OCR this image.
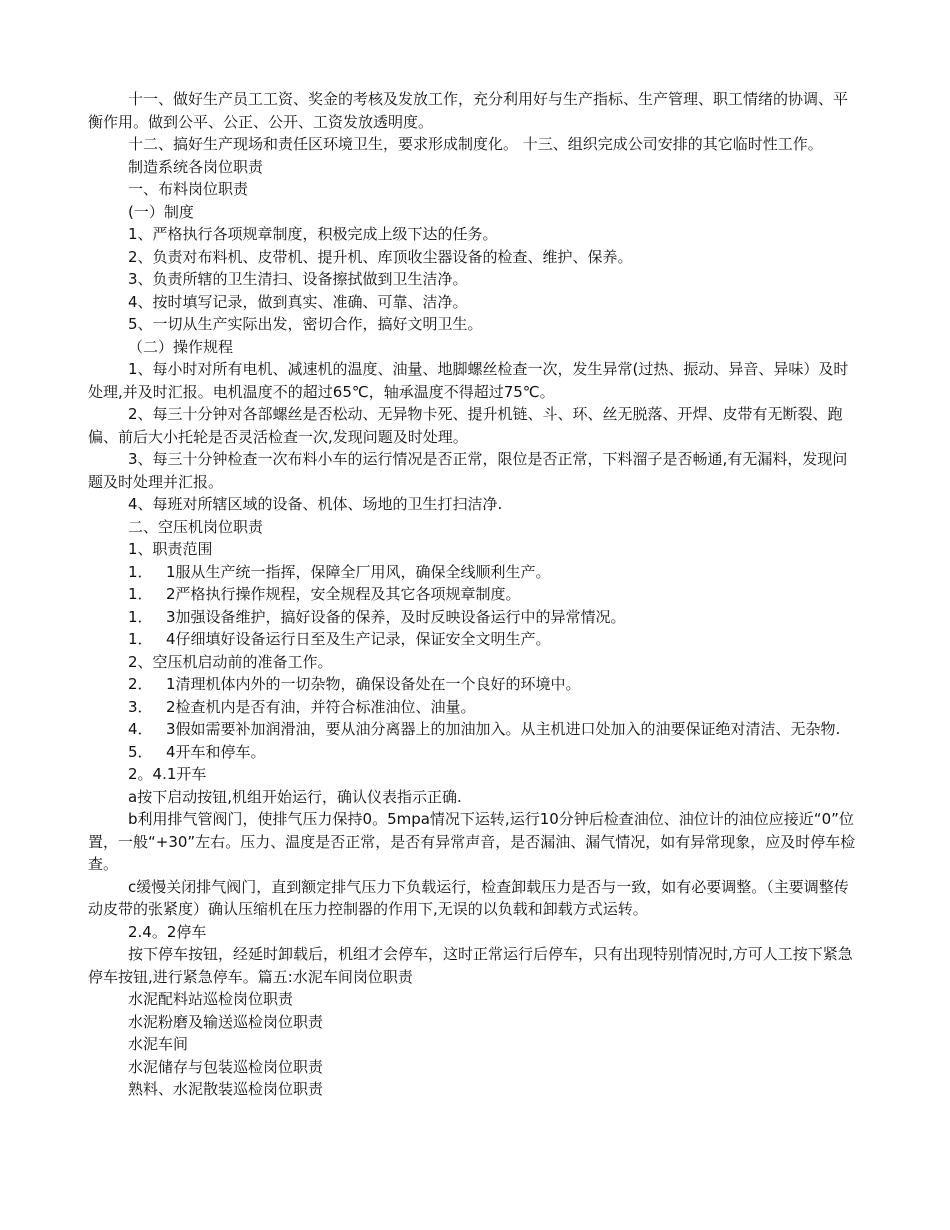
十一、做好生产员工工资、奖金的考核及发放工作，充分利用好与生产指标、生产管理、职工情绪的协调、平衡作用。做到公平、公正、公开、工资发放透明度。
十二、搞好生产现场和责任区环境卫生，要求形成制度化。 十三、组织完成公司安排的其它临时性工作。
制造系统各岗位职责
一、布料岗位职责
(一）制度
1、严格执行各项规章制度，积极完成上级下达的任务。
2、负责对布料机、皮带机、提升机、库顶收尘器设备的检查、维护、保养。
3、负责所辖的卫生清扫、设备擦拭做到卫生洁净。
4、按时填写记录，做到真实、准确、可靠、洁净。
5、一切从生产实际出发，密切合作，搞好文明卫生。
（二）操作规程
1、每小时对所有电机、减速机的温度、油量、地脚螺丝检查一次，发生异常(过热、振动、异音、异味）及时处理,并及时汇报。电机温度不的超过65℃，轴承温度不得超过75℃。
2、每三十分钟对各部螺丝是否松动、无异物卡死、提升机链、斗、环、丝无脱落、开焊、皮带有无断裂、跑偏、前后大小托轮是否灵活检查一次,发现问题及时处理。
3、每三十分钟检查一次布料小车的运行情况是否正常，限位是否正常，下料溜子是否畅通,有无漏料，发现问题及时处理并汇报。
4、每班对所辖区域的设备、机体、场地的卫生打扫洁净.
二、空压机岗位职责
1、职责范围
1． 1服从生产统一指挥，保障全厂用风，确保全线顺利生产。
1． 2严格执行操作规程，安全规程及其它各项规章制度。
1． 3加强设备维护，搞好设备的保养，及时反映设备运行中的异常情况。
1． 4仔细填好设备运行日至及生产记录，保证安全文明生产。
2、空压机启动前的准备工作。
2． 1清理机体内外的一切杂物，确保设备处在一个良好的环境中。
3． 2检查机内是否有油，并符合标准油位、油量。
4． 3假如需要补加润滑油，要从油分离器上的加油加入。从主机进口处加入的油要保证绝对清洁、无杂物.
5． 4开车和停车。
2。4.1开车
a按下启动按钮,机组开始运行，确认仪表指示正确.
b利用排气管阀门，使排气压力保持0。5mpa情况下运转,运行10分钟后检查油位、油位计的油位应接近“0”位置，一般“+30”左右。压力、温度是否正常，是否有异常声音，是否漏油、漏气情况，如有异常现象，应及时停车检查。
c缓慢关闭排气阀门，直到额定排气压力下负载运行，检查卸载压力是否与一致，如有必要调整。（主要调整传动皮带的张紧度）确认压缩机在压力控制器的作用下,无误的以负载和卸载方式运转。
2.4。2停车
按下停车按钮，经延时卸载后，机组才会停车，这时正常运行后停车，只有出现特别情况时,方可人工按下紧急停车按钮,进行紧急停车。篇五:水泥车间岗位职责
水泥配料站巡检岗位职责
水泥粉磨及输送巡检岗位职责
水泥车间
水泥储存与包装巡检岗位职责
熟料、水泥散装巡检岗位职责
